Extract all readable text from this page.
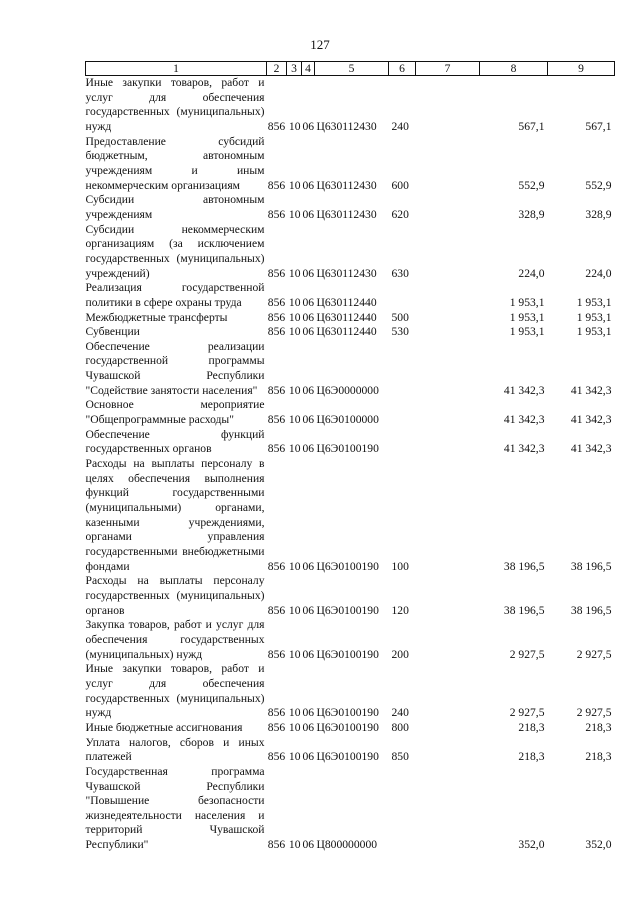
127
1	2	3	4	5	6	7	8	9
Иные закупки товаров, работ и услуг для обеспечения государственных (муниципальных) нужд	856	10	06	Ц630112430	240		567,1	567,1
Предоставление субсидий бюджетным, автономным учреждениям и иным некоммерческим организациям	856	10	06	Ц630112430	600		552,9	552,9
Субсидии автономным учреждениям	856	10	06	Ц630112430	620		328,9	328,9
Субсидии некоммерческим организациям (за исключением государственных (муниципальных) учреждений)	856	10	06	Ц630112430	630		224,0	224,0
Реализация государственной политики в сфере охраны труда	856	10	06	Ц630112440			1 953,1	1 953,1
Межбюджетные трансферты	856	10	06	Ц630112440	500		1 953,1	1 953,1
Субвенции	856	10	06	Ц630112440	530		1 953,1	1 953,1
Обеспечение реализации государственной программы Чувашской Республики "Содействие занятости населения"	856	10	06	Ц6Э0000000			41 342,3	41 342,3
Основное мероприятие "Общепрограммные расходы"	856	10	06	Ц6Э0100000			41 342,3	41 342,3
Обеспечение функций государственных органов	856	10	06	Ц6Э0100190			41 342,3	41 342,3
Расходы на выплаты персоналу в целях обеспечения выполнения функций государственными (муниципальными) органами, казенными учреждениями, органами управления государственными внебюджетными фондами	856	10	06	Ц6Э0100190	100		38 196,5	38 196,5
Расходы на выплаты персоналу государственных (муниципальных) органов	856	10	06	Ц6Э0100190	120		38 196,5	38 196,5
Закупка товаров, работ и услуг для обеспечения государственных (муниципальных) нужд	856	10	06	Ц6Э0100190	200		2 927,5	2 927,5
Иные закупки товаров, работ и услуг для обеспечения государственных (муниципальных) нужд	856	10	06	Ц6Э0100190	240		2 927,5	2 927,5
Иные бюджетные ассигнования	856	10	06	Ц6Э0100190	800		218,3	218,3
Уплата налогов, сборов и иных платежей	856	10	06	Ц6Э0100190	850		218,3	218,3
Государственная программа Чувашской Республики "Повышение безопасности жизнедеятельности населения и территорий Чувашской Республики"	856	10	06	Ц800000000			352,0	352,0
